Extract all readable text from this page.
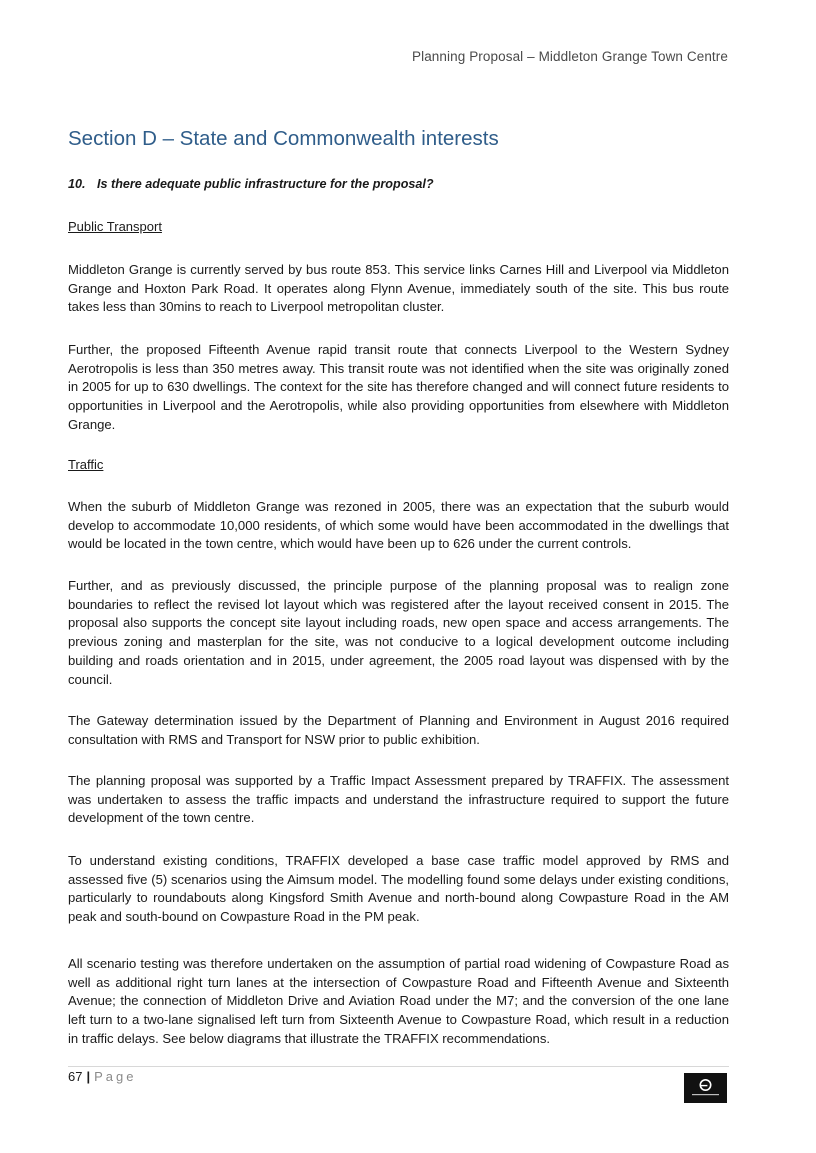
Planning Proposal – Middleton Grange Town Centre
Section D – State and Commonwealth interests

10. Is there adequate public infrastructure for the proposal?

Public Transport

Middleton Grange is currently served by bus route 853. This service links Carnes Hill and Liverpool via Middleton Grange and Hoxton Park Road. It operates along Flynn Avenue, immediately south of the site. This bus route takes less than 30mins to reach to Liverpool metropolitan cluster.

Further, the proposed Fifteenth Avenue rapid transit route that connects Liverpool to the Western Sydney Aerotropolis is less than 350 metres away. This transit route was not identified when the site was originally zoned in 2005 for up to 630 dwellings. The context for the site has therefore changed and will connect future residents to opportunities in Liverpool and the Aerotropolis, while also providing opportunities from elsewhere with Middleton Grange.

Traffic

When the suburb of Middleton Grange was rezoned in 2005, there was an expectation that the suburb would develop to accommodate 10,000 residents, of which some would have been accommodated in the dwellings that would be located in the town centre, which would have been up to 626 under the current controls.

Further, and as previously discussed, the principle purpose of the planning proposal was to realign zone boundaries to reflect the revised lot layout which was registered after the layout received consent in 2015. The proposal also supports the concept site layout including roads, new open space and access arrangements. The previous zoning and masterplan for the site, was not conducive to a logical development outcome including building and roads orientation and in 2015, under agreement, the 2005 road layout was dispensed with by the council.

The Gateway determination issued by the Department of Planning and Environment in August 2016 required consultation with RMS and Transport for NSW prior to public exhibition.

The planning proposal was supported by a Traffic Impact Assessment prepared by TRAFFIX. The assessment was undertaken to assess the traffic impacts and understand the infrastructure required to support the future development of the town centre.

To understand existing conditions, TRAFFIX developed a base case traffic model approved by RMS and assessed five (5) scenarios using the Aimsum model. The modelling found some delays under existing conditions, particularly to roundabouts along Kingsford Smith Avenue and north-bound along Cowpasture Road in the AM peak and south-bound on Cowpasture Road in the PM peak.

All scenario testing was therefore undertaken on the assumption of partial road widening of Cowpasture Road as well as additional right turn lanes at the intersection of Cowpasture Road and Fifteenth Avenue and Sixteenth Avenue; the connection of Middleton Drive and Aviation Road under the M7; and the conversion of the one lane left turn to a two-lane signalised left turn from Sixteenth Avenue to Cowpasture Road, which result in a reduction in traffic delays. See below diagrams that illustrate the TRAFFIX recommendations.

67 | Page
